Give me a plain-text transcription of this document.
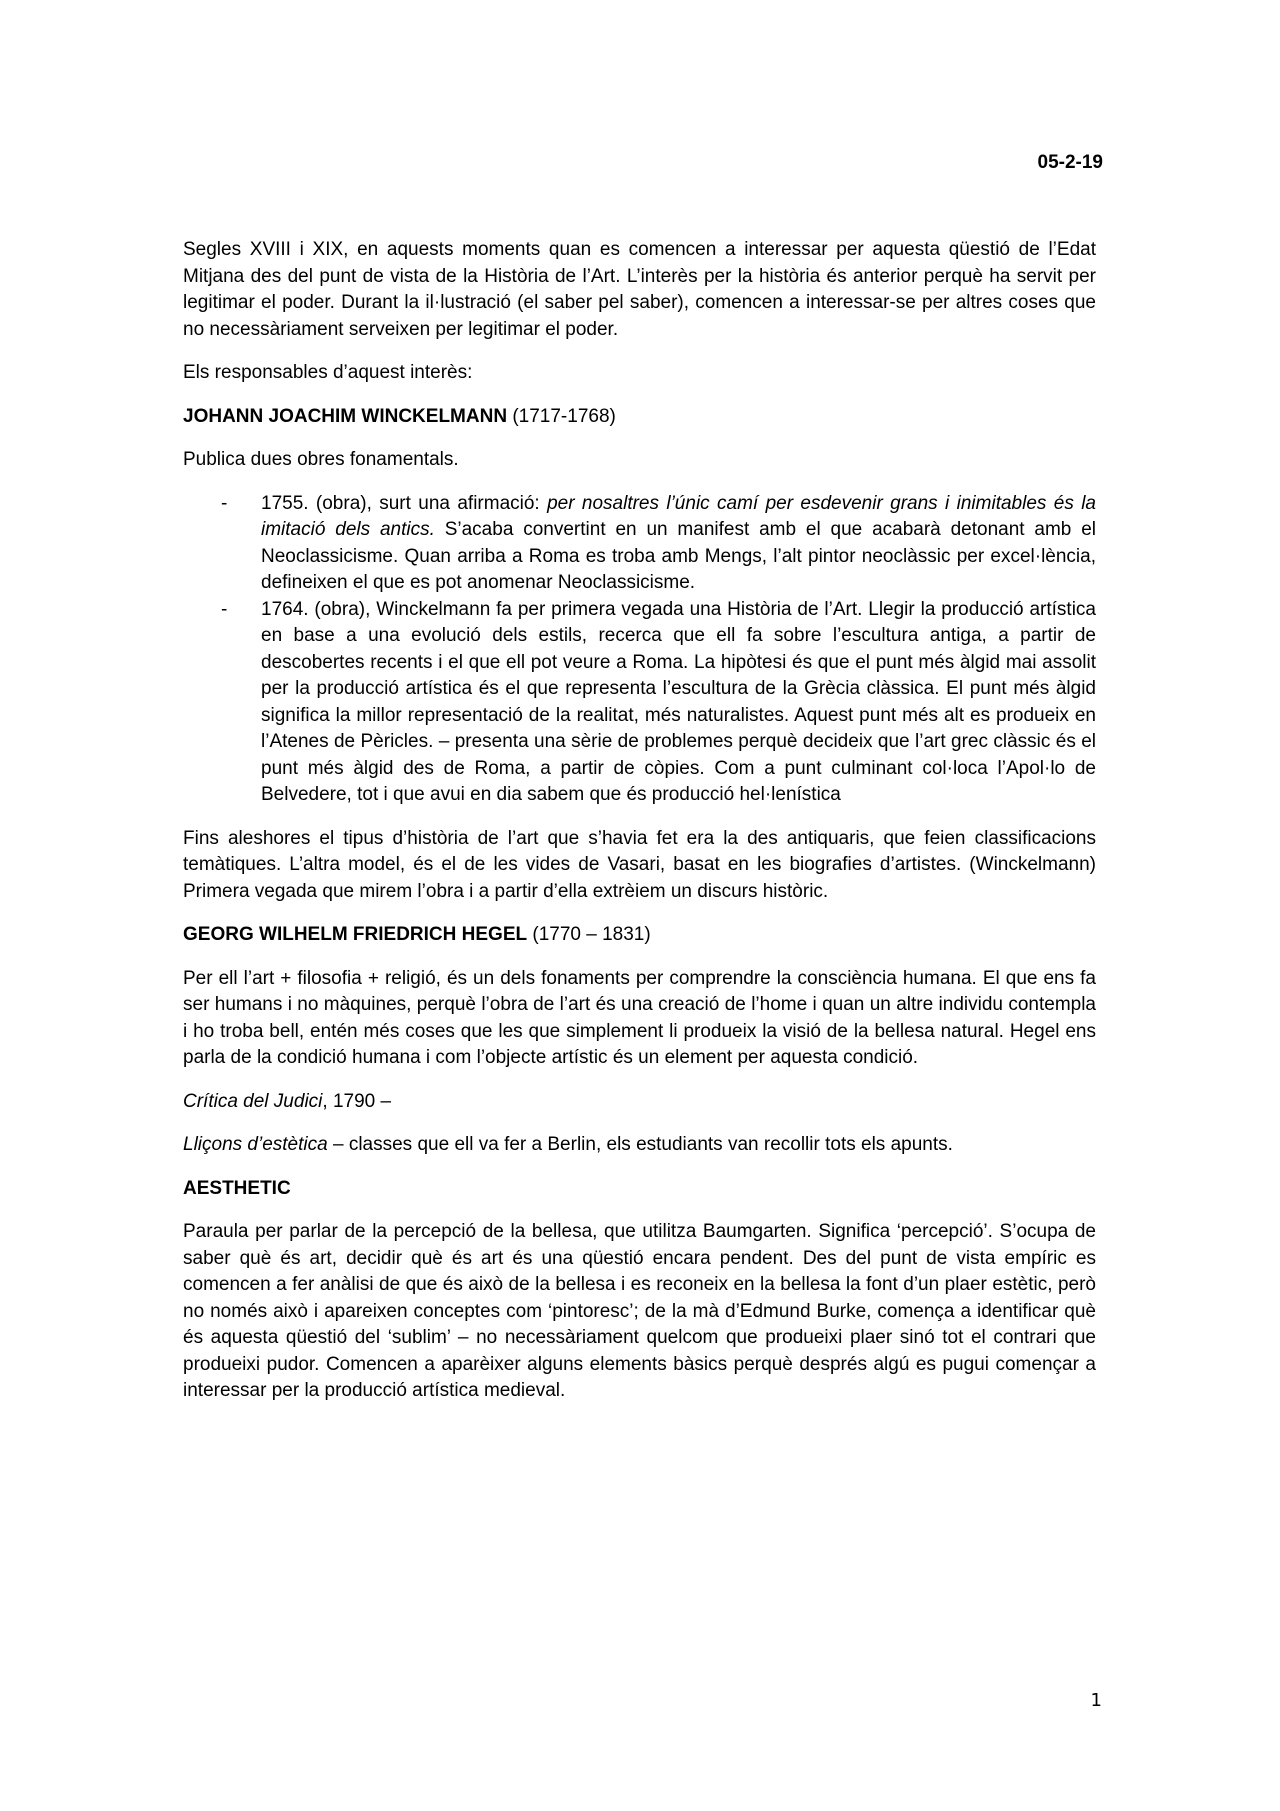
05-2-19

Segles XVIII i XIX, en aquests moments quan es comencen a interessar per aquesta qüestió de l’Edat Mitjana des del punt de vista de la Història de l’Art. L’interès per la història és anterior perquè ha servit per legitimar el poder. Durant la il·lustració (el saber pel saber), comencen a interessar-se per altres coses que no necessàriament serveixen per legitimar el poder.

Els responsables d’aquest interès:

JOHANN JOACHIM WINCKELMANN (1717-1768)

Publica dues obres fonamentals.

- 1755. (obra), surt una afirmació: per nosaltres l’únic camí per esdevenir grans i inimitables és la imitació dels antics. S’acaba convertint en un manifest amb el que acabarà detonant amb el Neoclassicisme. Quan arriba a Roma es troba amb Mengs, l’alt pintor neoclàssic per excel·lència, defineixen el que es pot anomenar Neoclassicisme.
- 1764. (obra), Winckelmann fa per primera vegada una Història de l’Art. Llegir la producció artística en base a una evolució dels estils, recerca que ell fa sobre l’escultura antiga, a partir de descobertes recents i el que ell pot veure a Roma. La hipòtesi és que el punt més àlgid mai assolit per la producció artística és el que representa l’escultura de la Grècia clàssica. El punt més àlgid significa la millor representació de la realitat, més naturalistes. Aquest punt més alt es produeix en l’Atenes de Pèricles. – presenta una sèrie de problemes perquè decideix que l’art grec clàssic és el punt més àlgid des de Roma, a partir de còpies. Com a punt culminant col·loca l’Apol·lo de Belvedere, tot i que avui en dia sabem que és producció hel·lenística

Fins aleshores el tipus d’història de l’art que s’havia fet era la des antiquaris, que feien classificacions temàtiques. L’altra model, és el de les vides de Vasari, basat en les biografies d’artistes. (Winckelmann) Primera vegada que mirem l’obra i a partir d’ella extrèiem un discurs històric.

GEORG WILHELM FRIEDRICH HEGEL (1770 – 1831)

Per ell l’art + filosofia + religió, és un dels fonaments per comprendre la consciència humana. El que ens fa ser humans i no màquines, perquè l’obra de l’art és una creació de l’home i quan un altre individu contempla i ho troba bell, entén més coses que les que simplement li produeix la visió de la bellesa natural. Hegel ens parla de la condició humana i com l’objecte artístic és un element per aquesta condició.

Crítica del Judici, 1790 –

Lliçons d’estètica – classes que ell va fer a Berlin, els estudiants van recollir tots els apunts.

AESTHETIC

Paraula per parlar de la percepció de la bellesa, que utilitza Baumgarten. Significa ‘percepció’. S’ocupa de saber què és art, decidir què és art és una qüestió encara pendent. Des del punt de vista empíric es comencen a fer anàlisi de que és això de la bellesa i es reconeix en la bellesa la font d’un plaer estètic, però no només això i apareixen conceptes com ‘pintoresc’; de la mà d’Edmund Burke, comença a identificar què és aquesta qüestió del ‘sublim’ – no necessàriament quelcom que produeixi plaer sinó tot el contrari que produeixi pudor. Comencen a aparèixer alguns elements bàsics perquè després algú es pugui començar a interessar per la producció artística medieval.

1
